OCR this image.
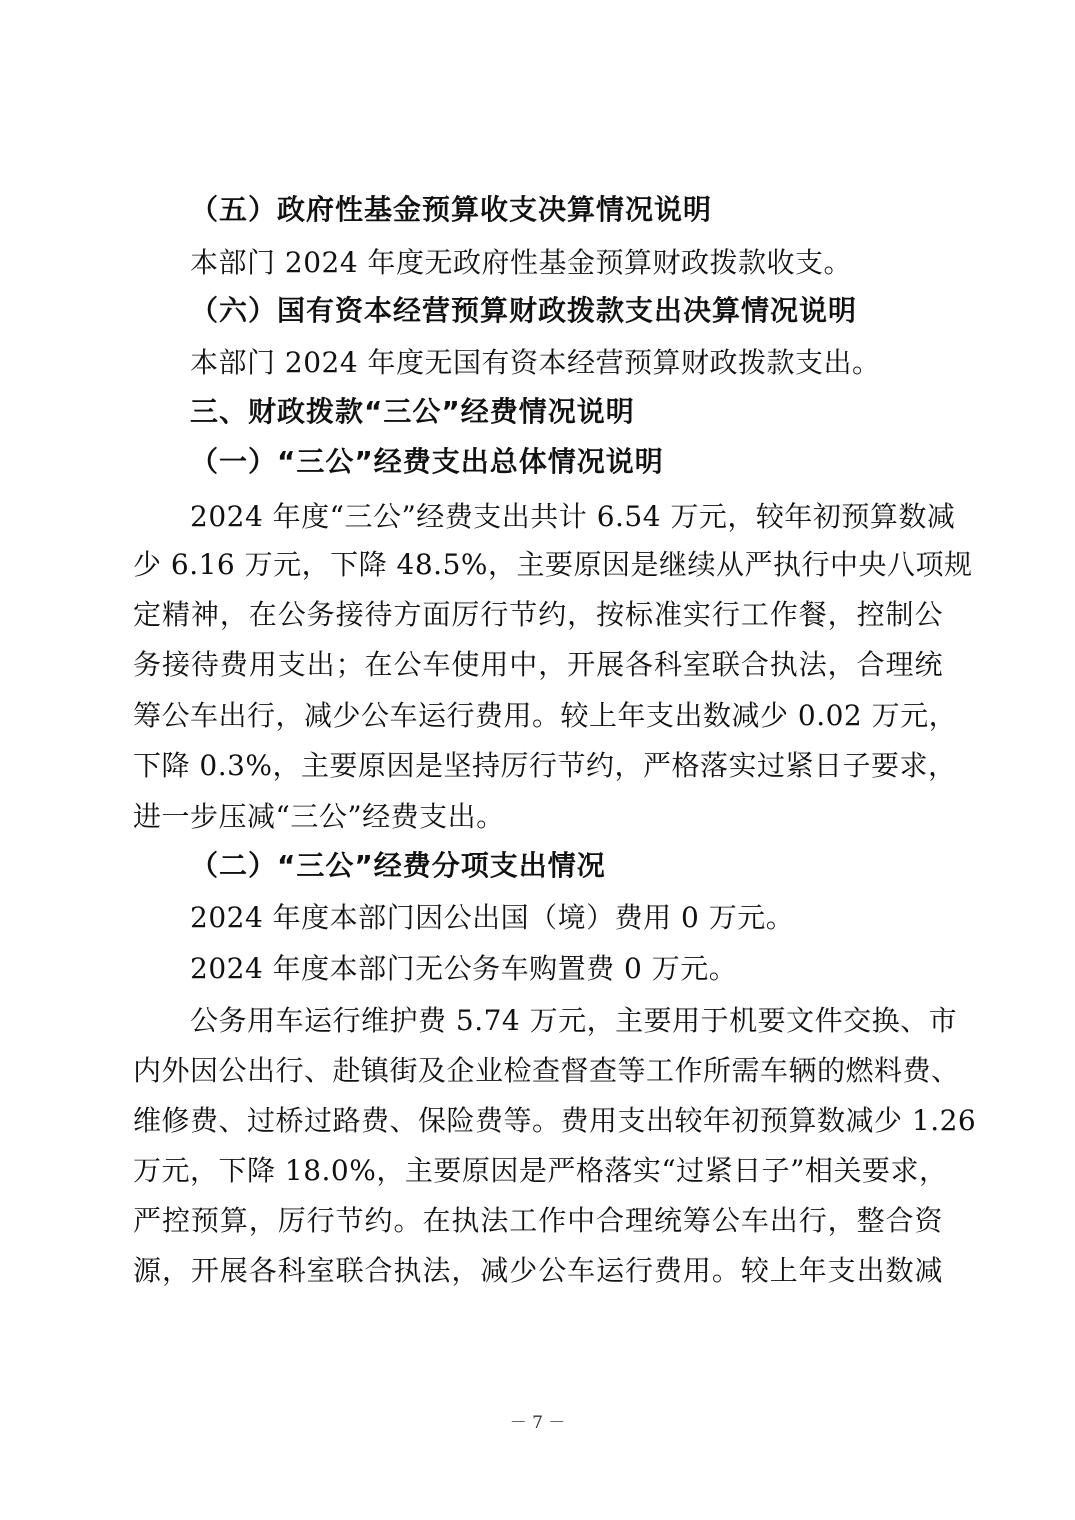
（五）政府性基金预算收支决算情况说明
本部门 2024 年度无政府性基金预算财政拨款收支。
（六）国有资本经营预算财政拨款支出决算情况说明
本部门 2024 年度无国有资本经营预算财政拨款支出。
三、财政拨款“三公”经费情况说明
（一）“三公”经费支出总体情况说明
2024 年度“三公”经费支出共计 6.54 万元，较年初预算数减
少 6.16 万元，下降 48.5%，主要原因是继续从严执行中央八项规
定精神，在公务接待方面厉行节约，按标准实行工作餐，控制公
务接待费用支出；在公车使用中，开展各科室联合执法，合理统
筹公车出行，减少公车运行费用。较上年支出数减少 0.02 万元，
下降 0.3%，主要原因是坚持厉行节约，严格落实过紧日子要求，
进一步压减“三公”经费支出。
（二）“三公”经费分项支出情况
2024 年度本部门因公出国（境）费用 0 万元。
2024 年度本部门无公务车购置费 0 万元。
公务用车运行维护费 5.74 万元，主要用于机要文件交换、市
内外因公出行、赴镇街及企业检查督查等工作所需车辆的燃料费、
维修费、过桥过路费、保险费等。费用支出较年初预算数减少 1.26
万元，下降 18.0%，主要原因是严格落实“过紧日子”相关要求，
严控预算，厉行节约。在执法工作中合理统筹公车出行，整合资
源，开展各科室联合执法，减少公车运行费用。较上年支出数减
－ 7 －
